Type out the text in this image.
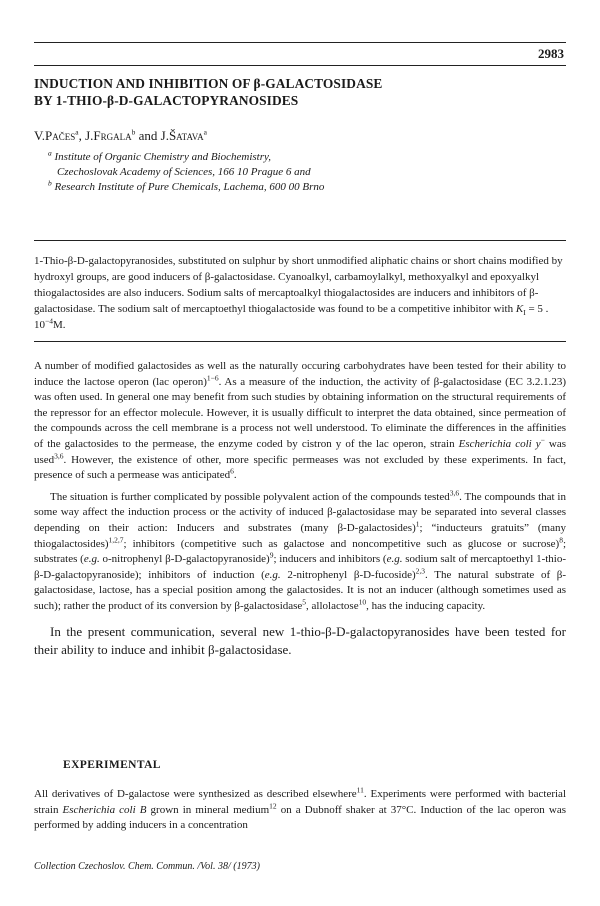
2983
INDUCTION AND INHIBITION OF β-GALACTOSIDASE
BY 1-THIO-β-D-GALACTOPYRANOSIDES
V.Pačes$^a$, J.Frgala$^b$ and J.Šatava$^a$
$^a$ Institute of Organic Chemistry and Biochemistry,
Czechoslovak Academy of Sciences, 166 10 Prague 6 and
$^b$ Research Institute of Pure Chemicals, Lachema, 600 00 Brno
1-Thio-β-D-galactopyranosides, substituted on sulphur by short unmodified aliphatic chains or short chains modified by hydroxyl groups, are good inducers of β-galactosidase. Cyanoalkyl, carbamoylalkyl, methoxyalkyl and epoxyalkyl thiogalactosides are also inducers. Sodium salts of mercaptoalkyl thiogalactosides are inducers and inhibitors of β-galactosidase. The sodium salt of mercaptoethyl thiogalactoside was found to be a competitive inhibitor with $K_I = 5$ . $10^{-4}M$.

A number of modified galactosides as well as the naturally occuring carbohydrates have been tested for their ability to induce the lactose operon (lac operon)$^{1-6}$. As a measure of the induction, the activity of β-galactosidase (EC 3.2.1.23) was often used. In general one may benefit from such studies by obtaining information on the structural requirements of the repressor for an effector molecule. However, it is usually difficult to interpret the data obtained, since permeation of the compounds across the cell membrane is a process not well understood. To eliminate the differences in the affinities of the galactosides to the permease, the enzyme coded by cistron y of the lac operon, strain Escherichia coli y− was used$^{3,6}$. However, the existence of other, more specific permeases was not excluded by these experiments. In fact, presence of such a permease was anticipated$^6$.

The situation is further complicated by possible polyvalent action of the compounds tested$^{3,6}$. The compounds that in some way affect the induction process or the activity of induced β-galactosidase may be separated into several classes depending on their action: Inducers and substrates (many β-D-galactosides)$^1$; “inducteurs gratuits” (many thiogalactosides)$^{1,2,7}$; inhibitors (competitive such as galactose and noncompetitive such as glucose or sucrose)$^8$; substrates (e.g. o-nitrophenyl β-D-galactopyranoside)$^9$; inducers and inhibitors (e.g. sodium salt of mercaptoethyl 1-thio-β-D-galactopyranoside); inhibitors of induction (e.g. 2-nitrophenyl β-D-fucoside)$^{2,3}$. The natural substrate of β-galactosidase, lactose, has a special position among the galactosides. It is not an inducer (although sometimes used as such); rather the product of its conversion by β-galactosidase$^5$, allolactose$^{10}$, has the inducing capacity.

In the present communication, several new 1-thio-β-D-galactopyranosides have been tested for their ability to induce and inhibit β-galactosidase.

EXPERIMENTAL

All derivatives of D-galactose were synthesized as described elsewhere$^{11}$. Experiments were performed with bacterial strain Escherichia coli B grown in mineral medium$^{12}$ on a Dubnoff shaker at 37°C. Induction of the lac operon was performed by adding inducers in a concentration

Collection Czechoslov. Chem. Commun. /Vol. 38/ (1973)
